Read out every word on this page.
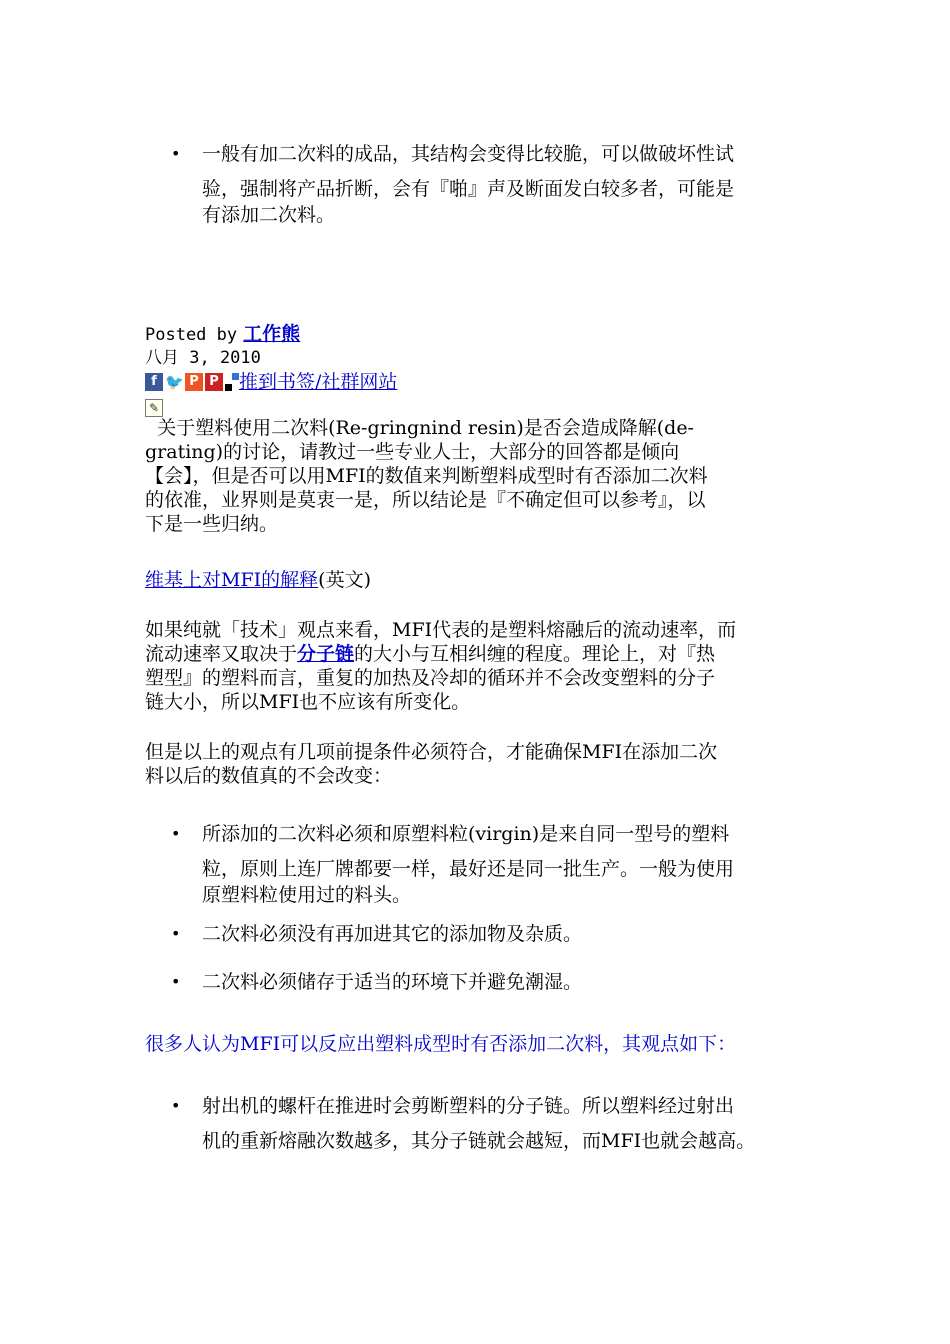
• 一般有加二次料的成品，其结构会变得比较脆，可以做破坏性试
验，强制将产品折断，会有『啪』声及断面发白较多者，可能是
有添加二次料。
Posted by 工作熊
八月 3, 2010
f 🐦 P P 推到书签/社群网站
✎
关于塑料使用二次料(Re-gringnind resin)是否会造成降解(de-
grating)的讨论，请教过一些专业人士，大部分的回答都是倾向
【会】，但是否可以用MFI的数值来判断塑料成型时有否添加二次料
的依准，业界则是莫衷一是，所以结论是『不确定但可以参考』，以
下是一些归纳。
维基上对MFI的解释(英文)
如果纯就「技术」观点来看，MFI代表的是塑料熔融后的流动速率，而
流动速率又取决于分子链的大小与互相纠缠的程度。理论上，对『热
塑型』的塑料而言，重复的加热及冷却的循环并不会改变塑料的分子
链大小，所以MFI也不应该有所变化。
但是以上的观点有几项前提条件必须符合，才能确保MFI在添加二次
料以后的数值真的不会改变：
• 所添加的二次料必须和原塑料粒(virgin)是来自同一型号的塑料
粒，原则上连厂牌都要一样，最好还是同一批生产。一般为使用
原塑料粒使用过的料头。
• 二次料必须没有再加进其它的添加物及杂质。
• 二次料必须储存于适当的环境下并避免潮湿。
很多人认为MFI可以反应出塑料成型时有否添加二次料，其观点如下：
• 射出机的螺杆在推进时会剪断塑料的分子链。所以塑料经过射出
机的重新熔融次数越多，其分子链就会越短，而MFI也就会越高。
